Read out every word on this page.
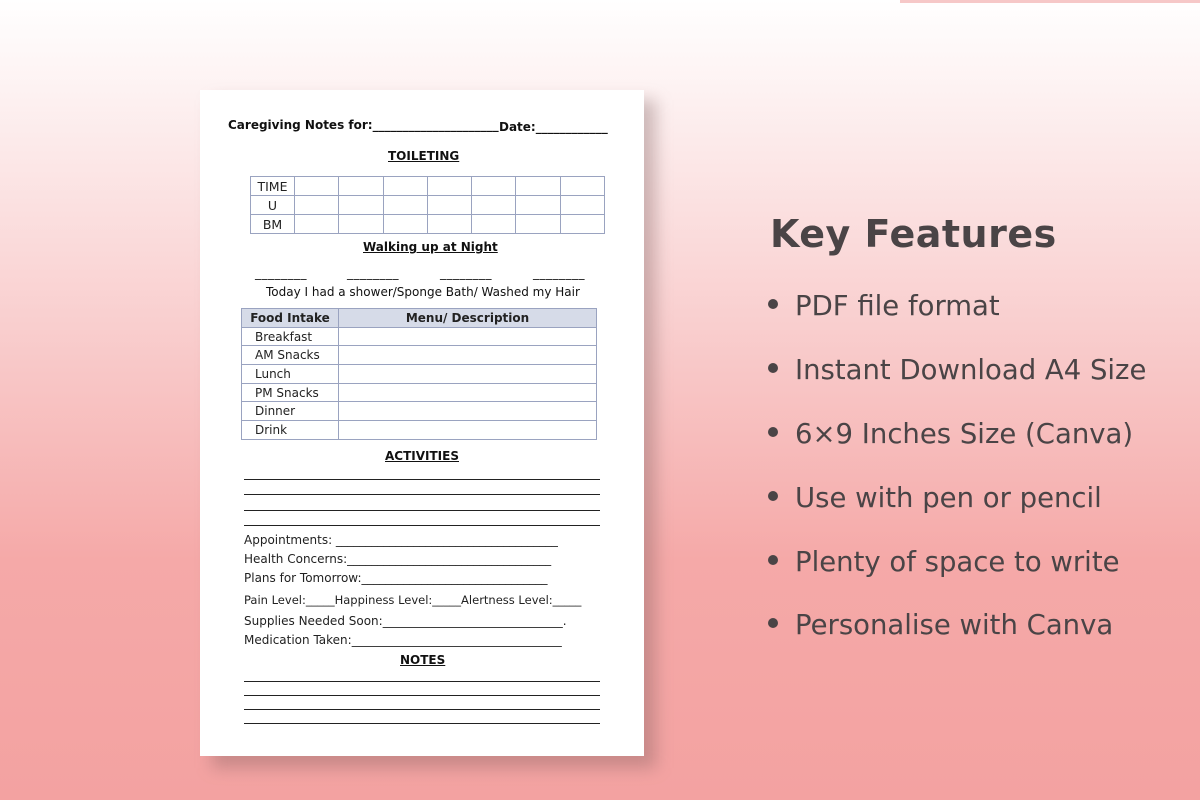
Caregiving Notes for:_____________________ Date:____________
TOILETING
TIME							
U							
BM							
Walking up at Night
________	________	________	________
Today I had a shower/Sponge Bath/ Washed my Hair
Food Intake	Menu/ Description
Breakfast	
AM Snacks	
Lunch	
PM Snacks	
Dinner	
Drink	
ACTIVITIES
Appointments: _____________________________________
Health Concerns:__________________________________
Plans for Tomorrow:_______________________________
Pain Level:_____Happiness Level:_____Alertness Level:_____
Supplies Needed Soon:______________________________.
Medication Taken:___________________________________
NOTES
Key Features
PDF file format
Instant Download A4 Size
6×9 Inches Size (Canva)
Use with pen or pencil
Plenty of space to write
Personalise with Canva
